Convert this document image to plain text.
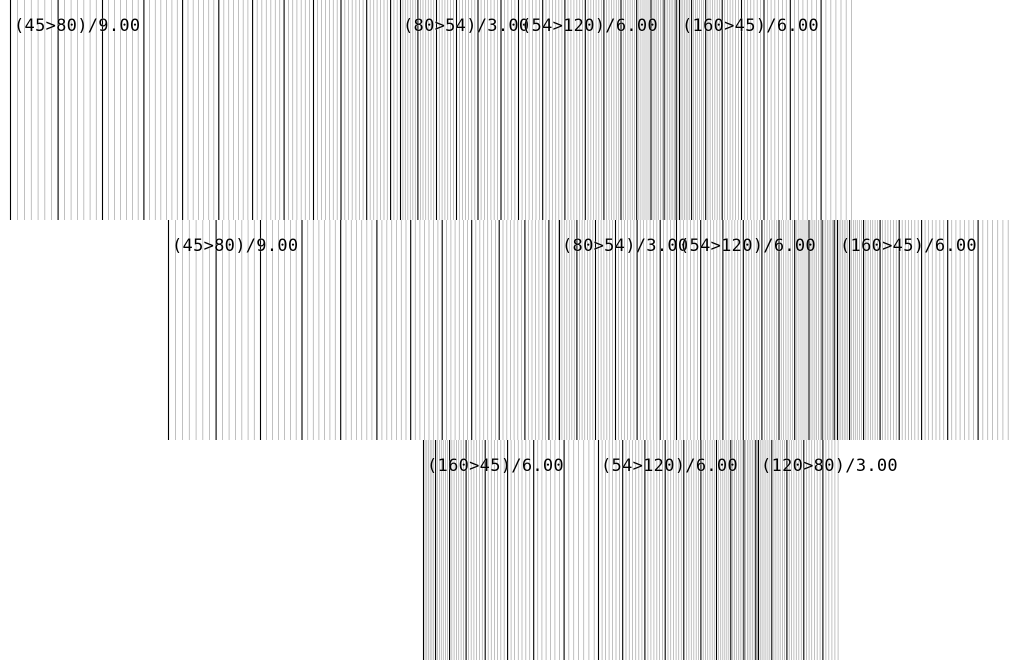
(45>80)/9.00	(80>54)/3.00
(54>120)/6.00 (160>45)/6.00
(45>80)/9.00	(80>54)/3.00
(54>120)/6.00 (160>45)/6.00
(160>45)/6.00 (54>120)/6.00 (120>80)/3.00
